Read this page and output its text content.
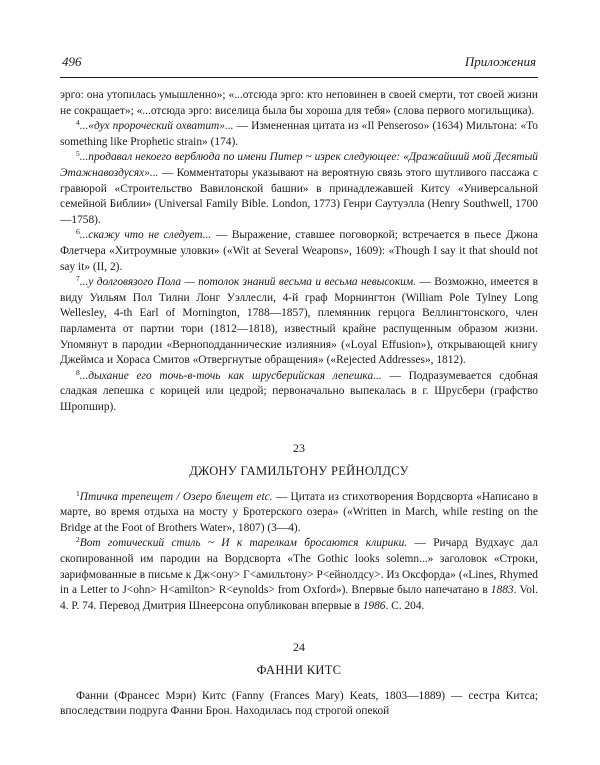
496	Приложения

эрго: она утопилась умышленно»; «...отсюда эрго: кто неповинен в своей смерти, тот своей жизни не сокращает»; «...отсюда эрго: виселица была бы хороша для тебя» (слова первого могильщика).

$^4$...«дух пророческий охватит»... — Измененная цитата из «Il Penseroso» (1634) Мильтона: «To something like Prophetic strain» (174).

$^5$...продавал некоего верблюда по имени Питер ~ изрек следующее: «Дражайший мой Десятый Этажнавоздусях»... — Комментаторы указывают на вероятную связь этого шутливого пассажа с гравюрой «Строительство Вавилонской башни» в принадлежавшей Китсу «Универсальной семейной Библии» (Universal Family Bible. London, 1773) Генри Саутуэлла (Henry Southwell, 1700—1758).

$^6$...скажу что не следует... — Выражение, ставшее поговоркой; встречается в пьесе Джона Флетчера «Хитроумные уловки» («Wit at Several Weapons», 1609): «Though I say it that should not say it» (II, 2).

$^7$...у долговязого Пола — потолок знаний весьма и весьма невысоким. — Возможно, имеется в виду Уильям Пол Тилни Лонг Уэллесли, 4-й граф Морнингтон (William Pole Tylney Long Wellesley, 4-th Earl of Mornington, 1788—1857), племянник герцога Веллингтонского, член парламента от партии тори (1812—1818), известный крайне распущенным образом жизни. Упомянут в пародии «Верноподданнические излияния» («Loyal Effusion»), открывающей книгу Джеймса и Хораса Смитов «Отвергнутые обращения» («Rejected Addresses», 1812).

$^8$...дыхание его точь-в-точь как шрусберийская лепешка... — Подразумевается сдобная сладкая лепешка с корицей или цедрой; первоначально выпекалась в г. Шрусбери (графство Шропшир).

23
ДЖОНУ ГАМИЛЬТОНУ РЕЙНОЛДСУ

$^1$Птичка трепещет / Озеро блещет etc. — Цитата из стихотворения Вордсворта «Написано в марте, во время отдыха на мосту у Бротерского озера» («Written in March, while resting on the Bridge at the Foot of Brothers Water», 1807) (3—4).

$^2$Вот готический стиль ~ И к тарелкам бросаются клирики. — Ричард Вудхаус дал скопированной им пародии на Вордсворта «The Gothic looks solemn...» заголовок «Строки, зарифмованные в письме к Дж<ону> Г<амильтону> Р<ейнолдсу>. Из Оксфорда» («Lines, Rhymed in a Letter to J<ohn> H<amilton> R<eynolds> from Oxford»). Впервые было напечатано в 1883. Vol. 4. P. 74. Перевод Дмитрия Шнеерсона опубликован впервые в 1986. С. 204.

24
ФАННИ КИТС

Фанни (Франсес Мэри) Китс (Fanny (Frances Mary) Keats, 1803—1889) — сестра Китса; впоследствии подруга Фанни Брон. Находилась под строгой опекой
